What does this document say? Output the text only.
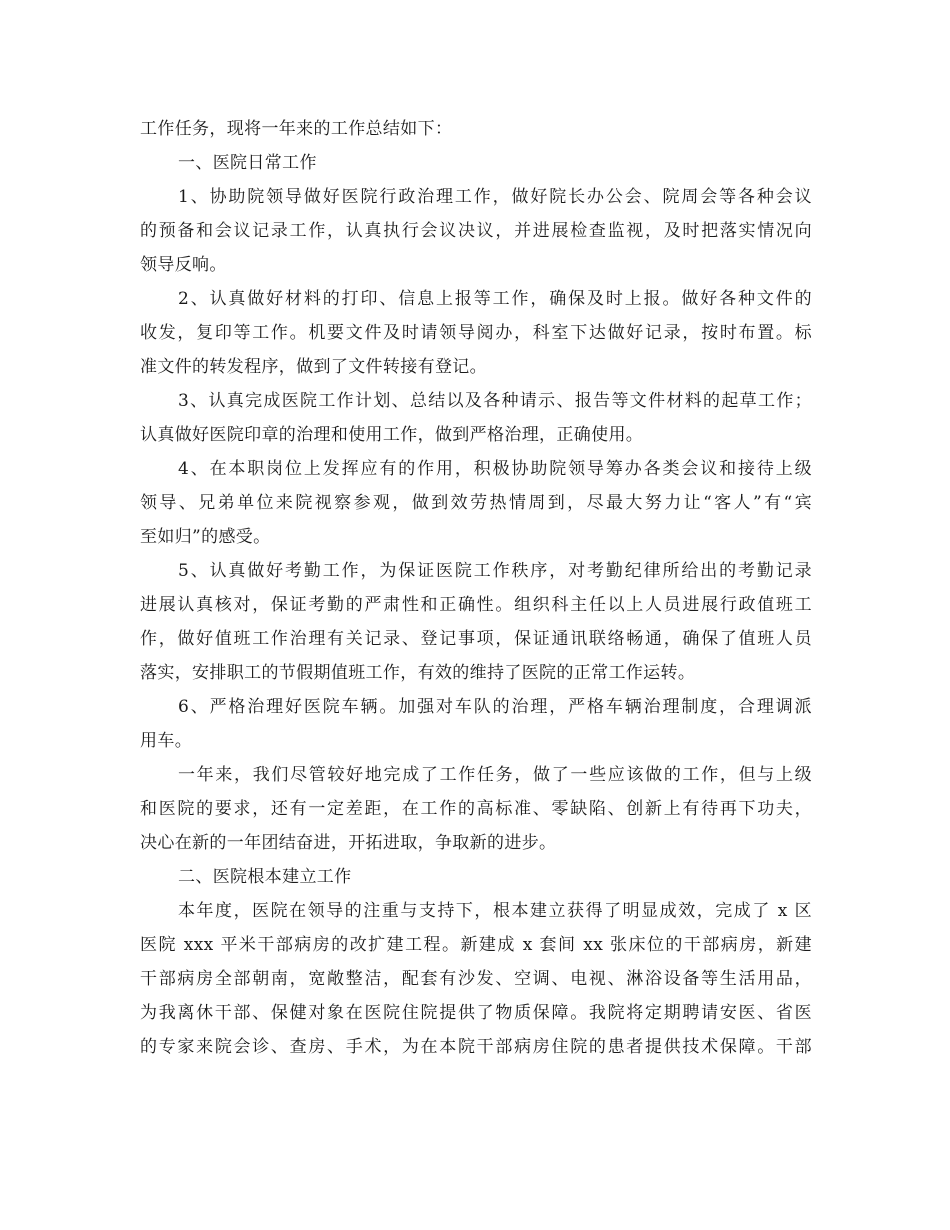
工作任务，现将一年来的工作总结如下：
一、医院日常工作
1、协助院领导做好医院行政治理工作，做好院长办公会、院周会等各种会议
的预备和会议记录工作，认真执行会议决议，并进展检查监视，及时把落实情况向
领导反响。
2、认真做好材料的打印、信息上报等工作，确保及时上报。做好各种文件的
收发，复印等工作。机要文件及时请领导阅办，科室下达做好记录，按时布置。标
准文件的转发程序，做到了文件转接有登记。
3、认真完成医院工作计划、总结以及各种请示、报告等文件材料的起草工作；
认真做好医院印章的治理和使用工作，做到严格治理，正确使用。
4、在本职岗位上发挥应有的作用，积极协助院领导筹办各类会议和接待上级
领导、兄弟单位来院视察参观，做到效劳热情周到，尽最大努力让“客人”有“宾
至如归”的感受。
5、认真做好考勤工作，为保证医院工作秩序，对考勤纪律所给出的考勤记录
进展认真核对，保证考勤的严肃性和正确性。组织科主任以上人员进展行政值班工
作，做好值班工作治理有关记录、登记事项，保证通讯联络畅通，确保了值班人员
落实，安排职工的节假期值班工作，有效的维持了医院的正常工作运转。
6、严格治理好医院车辆。加强对车队的治理，严格车辆治理制度，合理调派
用车。
一年来，我们尽管较好地完成了工作任务，做了一些应该做的工作，但与上级
和医院的要求，还有一定差距，在工作的高标准、零缺陷、创新上有待再下功夫，
决心在新的一年团结奋进，开拓进取，争取新的进步。
二、医院根本建立工作
本年度，医院在领导的注重与支持下，根本建立获得了明显成效，完成了 x 区
医院 xxx 平米干部病房的改扩建工程。新建成 x 套间 xx 张床位的干部病房，新建
干部病房全部朝南，宽敞整洁，配套有沙发、空调、电视、淋浴设备等生活用品，
为我离休干部、保健对象在医院住院提供了物质保障。我院将定期聘请安医、省医
的专家来院会诊、查房、手术，为在本院干部病房住院的患者提供技术保障。干部
